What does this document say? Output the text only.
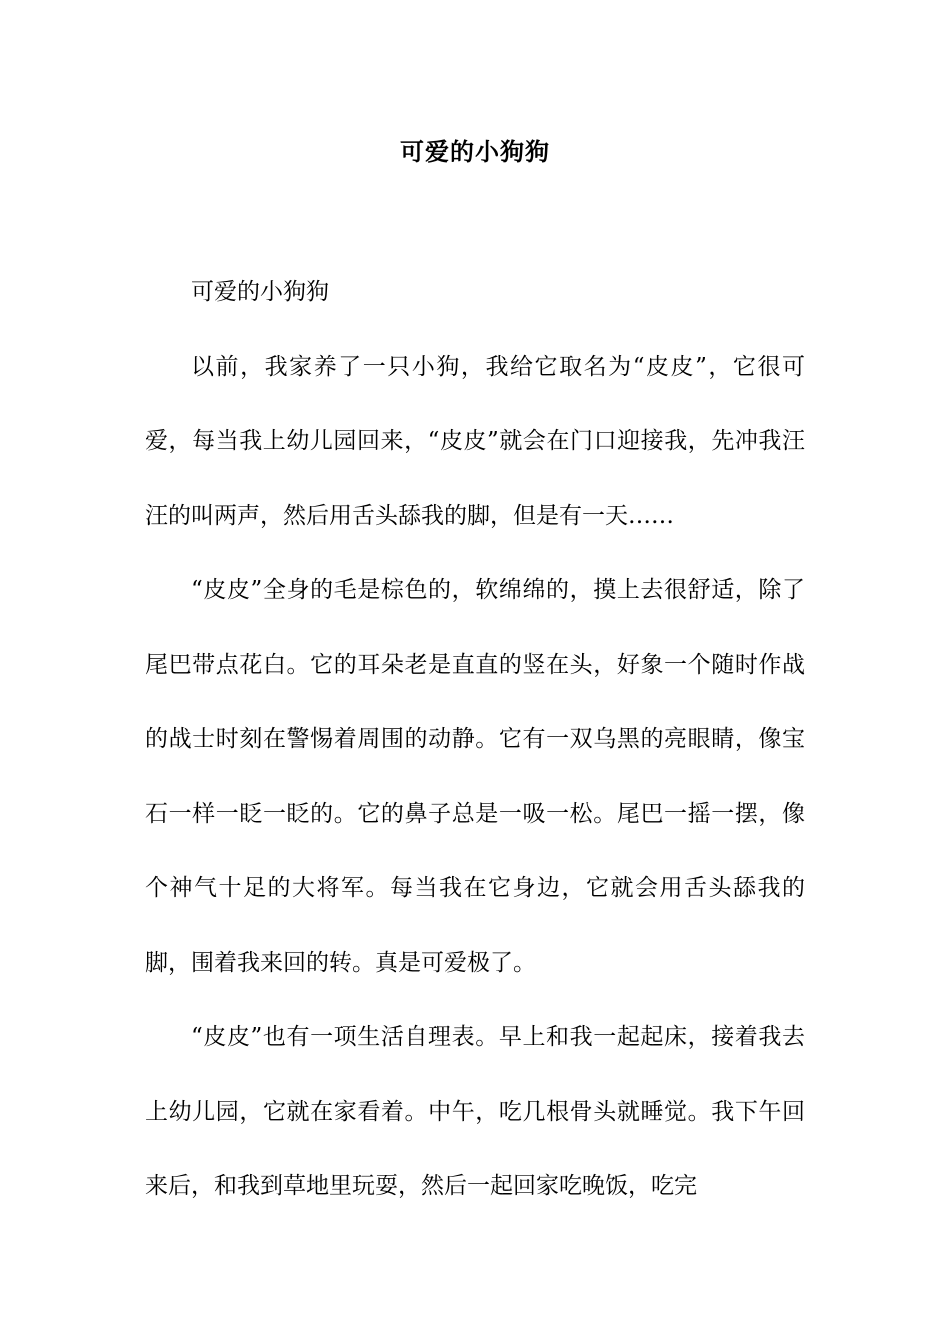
可爱的小狗狗

可爱的小狗狗

以前，我家养了一只小狗，我给它取名为“皮皮”，它很可爱，每当我上幼儿园回来，“皮皮”就会在门口迎接我，先冲我汪汪的叫两声，然后用舌头舔我的脚，但是有一天……

“皮皮”全身的毛是棕色的，软绵绵的，摸上去很舒适，除了尾巴带点花白。它的耳朵老是直直的竖在头，好象一个随时作战的战士时刻在警惕着周围的动静。它有一双乌黑的亮眼睛，像宝石一样一眨一眨的。它的鼻子总是一吸一松。尾巴一摇一摆，像个神气十足的大将军。每当我在它身边，它就会用舌头舔我的脚，围着我来回的转。真是可爱极了。

“皮皮”也有一项生活自理表。早上和我一起起床，接着我去上幼儿园，它就在家看着。中午，吃几根骨头就睡觉。我下午回来后，和我到草地里玩耍，然后一起回家吃晚饭，吃完
